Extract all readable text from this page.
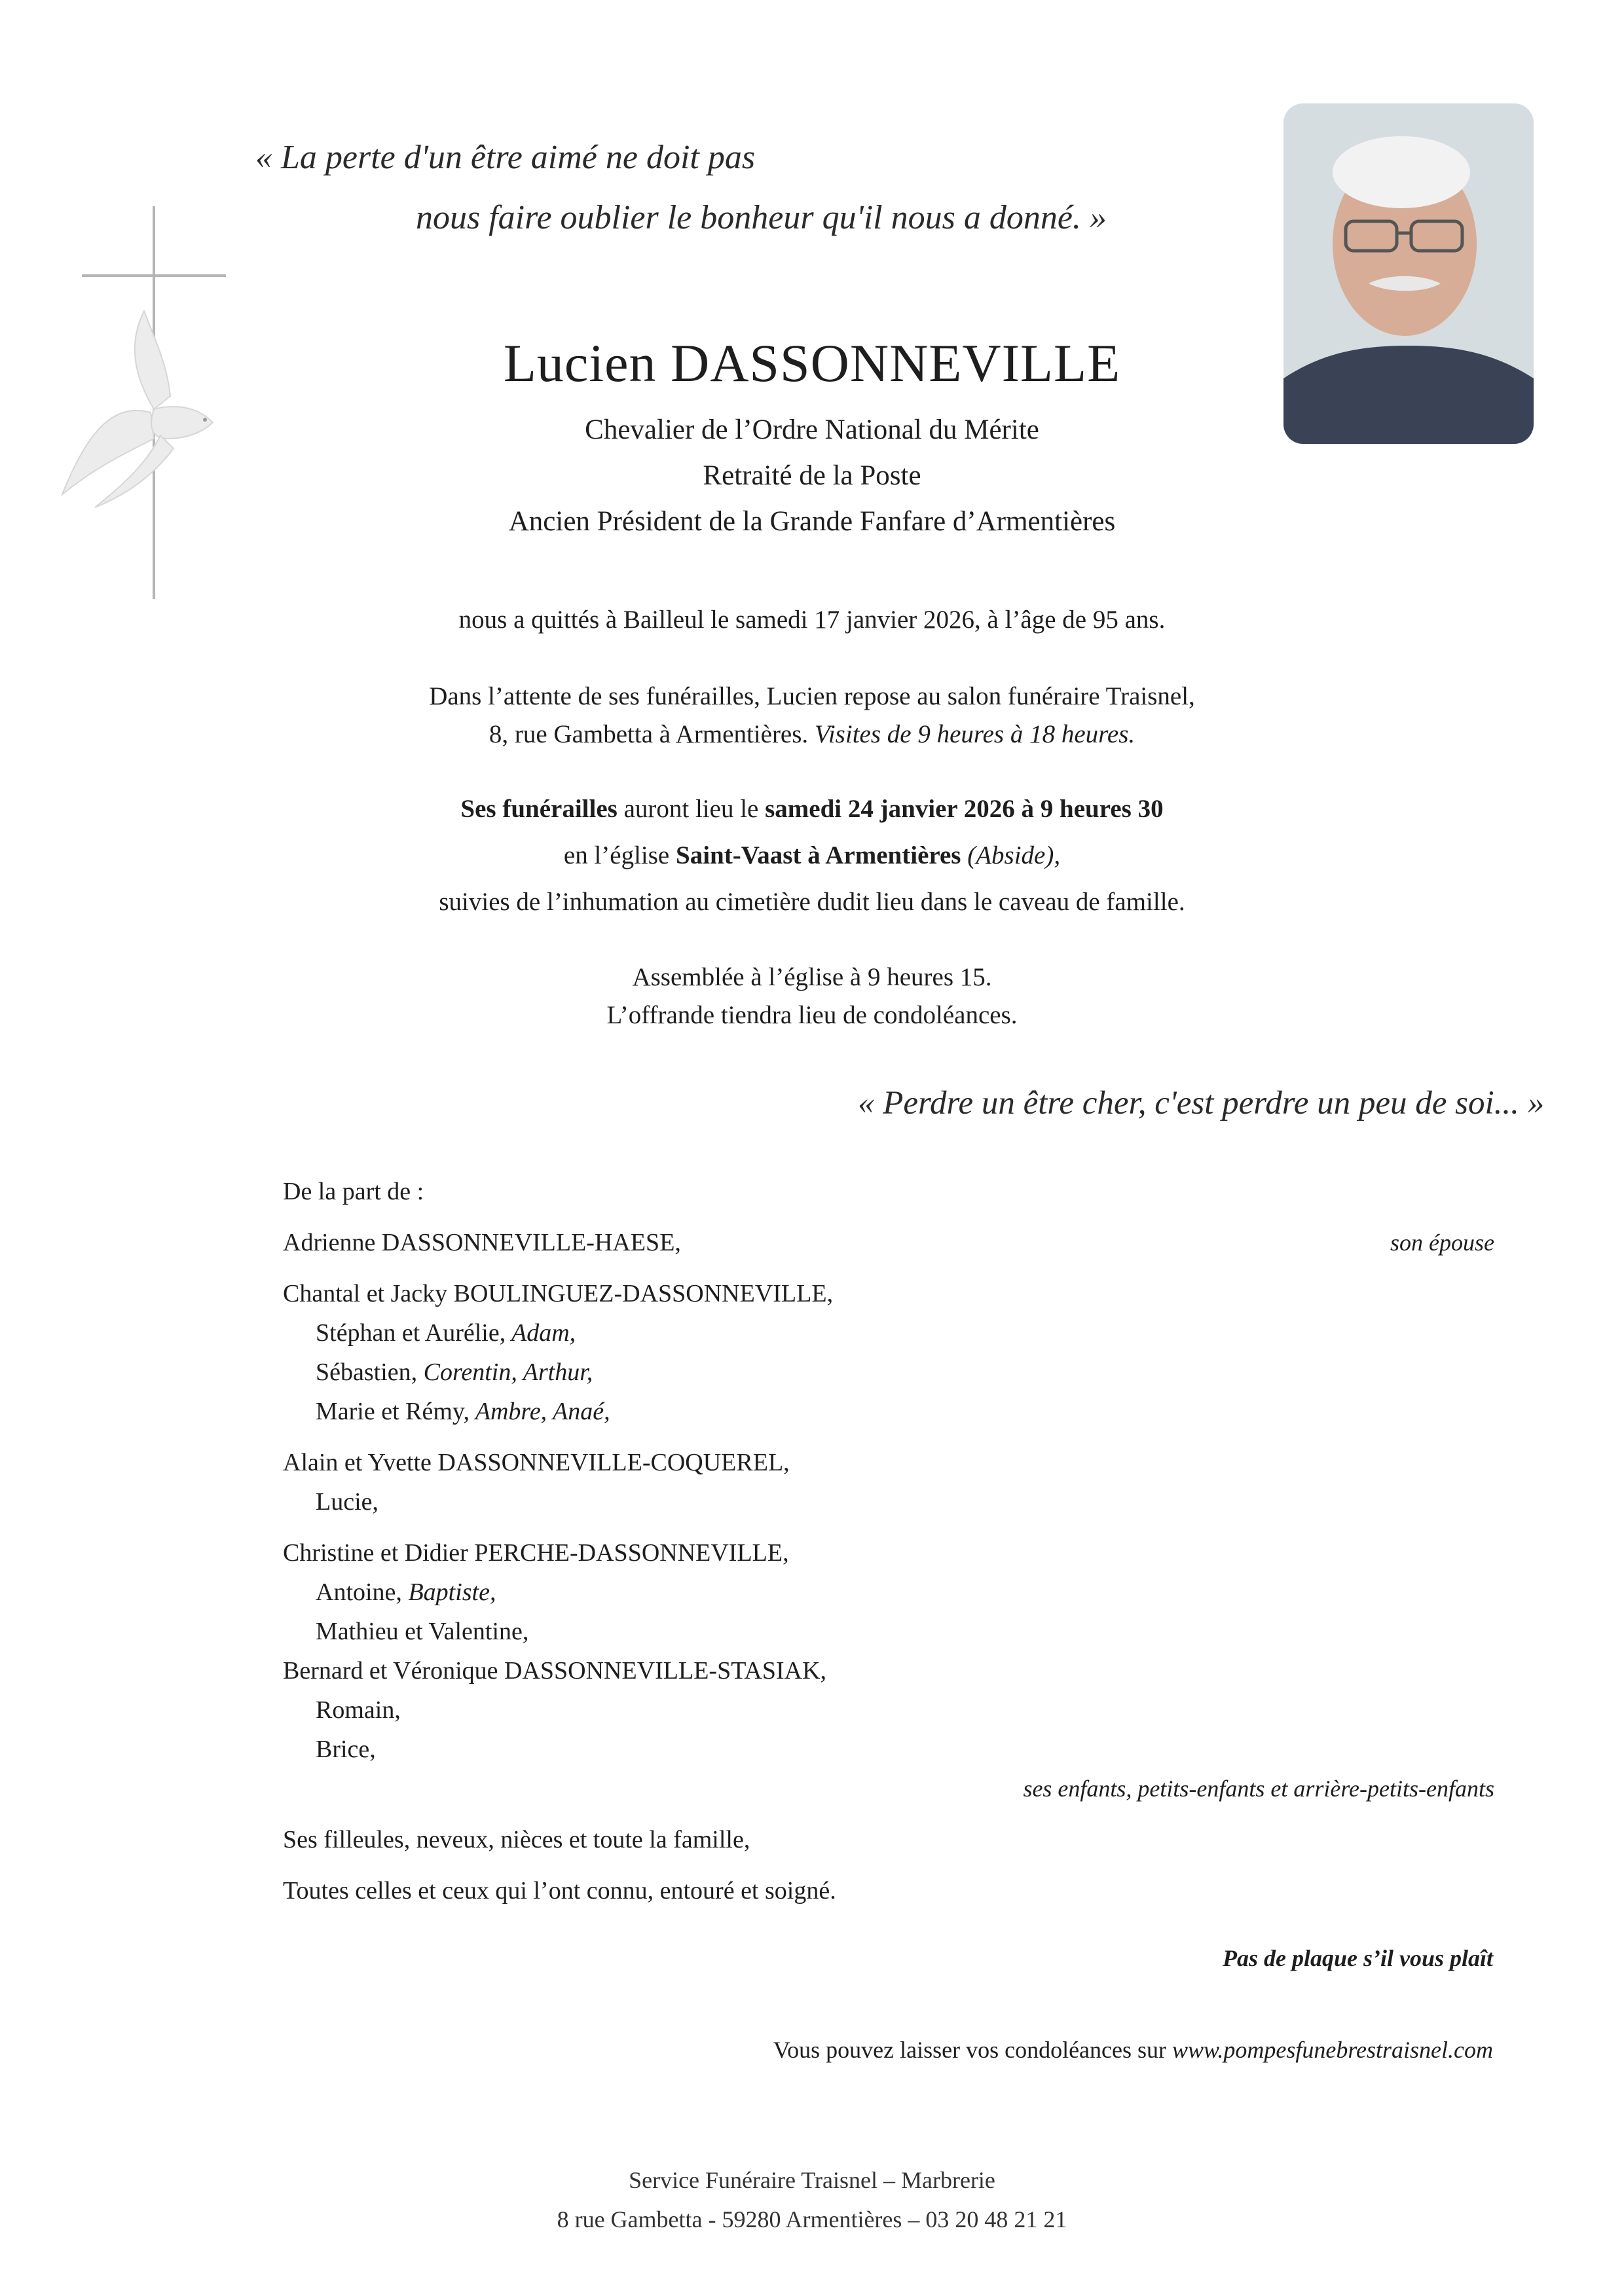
« La perte d'un être aimé ne doit pas
nous faire oublier le bonheur qu'il nous a donné. »
Lucien DASSONNEVILLE
Chevalier de l’Ordre National du Mérite
Retraité de la Poste
Ancien Président de la Grande Fanfare d’Armentières
nous a quittés à Bailleul le samedi 17 janvier 2026, à l’âge de 95 ans.
Dans l’attente de ses funérailles, Lucien repose au salon funéraire Traisnel,
8, rue Gambetta à Armentières. Visites de 9 heures à 18 heures.
Ses funérailles auront lieu le samedi 24 janvier 2026 à 9 heures 30
en l’église Saint-Vaast à Armentières (Abside),
suivies de l’inhumation au cimetière dudit lieu dans le caveau de famille.
Assemblée à l’église à 9 heures 15.
L’offrande tiendra lieu de condoléances.
« Perdre un être cher, c'est perdre un peu de soi... »
De la part de :
Adrienne DASSONNEVILLE-HAESE,	son épouse
Chantal et Jacky BOULINGUEZ-DASSONNEVILLE,
Stéphan et Aurélie, Adam,
Sébastien, Corentin, Arthur,
Marie et Rémy, Ambre, Anaé,
Alain et Yvette DASSONNEVILLE-COQUEREL,
Lucie,
Christine et Didier PERCHE-DASSONNEVILLE,
Antoine, Baptiste,
Mathieu et Valentine,
Bernard et Véronique DASSONNEVILLE-STASIAK,
Romain,
Brice,
ses enfants, petits-enfants et arrière-petits-enfants
Ses filleules, neveux, nièces et toute la famille,
Toutes celles et ceux qui l’ont connu, entouré et soigné.
Pas de plaque s’il vous plaît
Vous pouvez laisser vos condoléances sur www.pompesfunebrestraisnel.com
Service Funéraire Traisnel – Marbrerie
8 rue Gambetta - 59280 Armentières – 03 20 48 21 21
